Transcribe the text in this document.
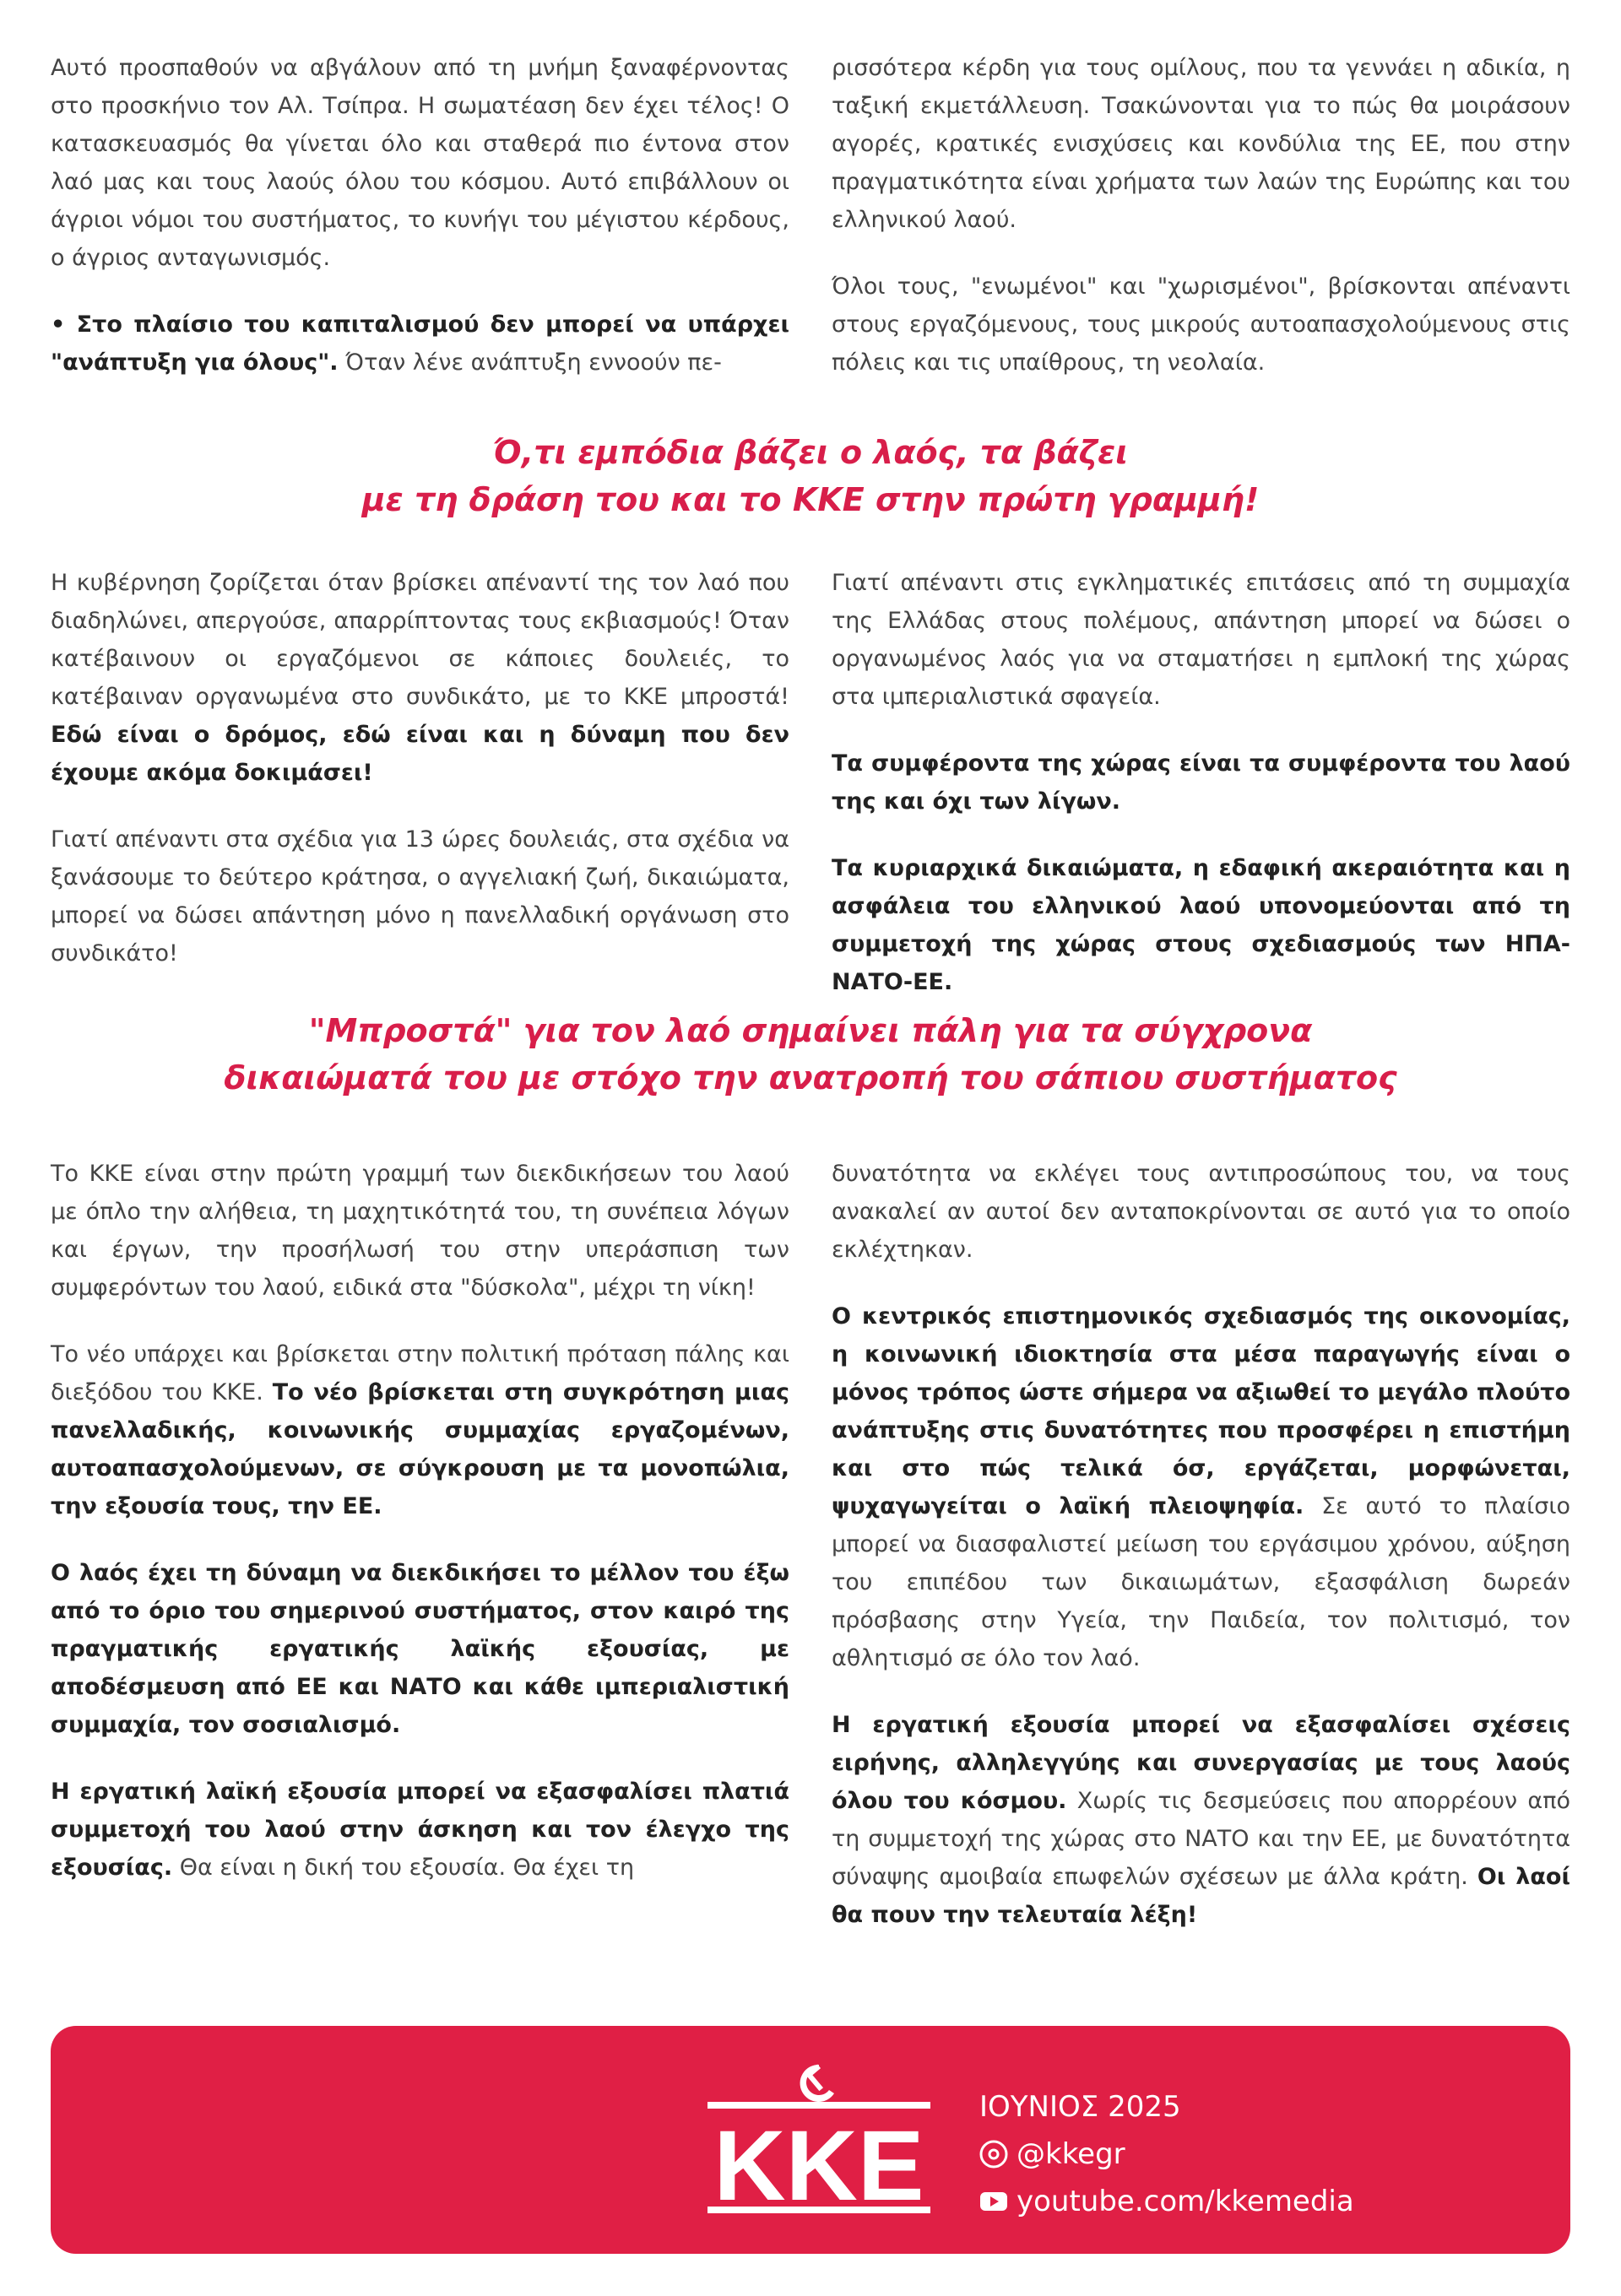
Αυτό προσπαθούν να αβγάλουν από τη μνήμη ξαναφέρνοντας στο προσκήνιο τον Αλ. Τσίπρα. Η σωματέαση δεν έχει τέλος! Ο κατασκευασμός θα γίνεται όλο και σταθερά πιο έντονα στον λαό μας και τους λαούς όλου του κόσμου. Αυτό επιβάλλουν οι άγριοι νόμοι του συστήματος, το κυνήγι του μέγιστου κέρδους, ο άγριος ανταγωνισμός.

• Στο πλαίσιο του καπιταλισμού δεν μπορεί να υπάρχει "ανάπτυξη για όλους". Όταν λένε ανάπτυξη εννοούν πε-

ρισσότερα κέρδη για τους ομίλους, που τα γεννάει η αδικία, η ταξική εκμετάλλευση. Τσακώνονται για το πώς θα μοιράσουν αγορές, κρατικές ενισχύσεις και κονδύλια της ΕΕ, που στην πραγματικότητα είναι χρήματα των λαών της Ευρώπης και του ελληνικού λαού.

Όλοι τους, "ενωμένοι" και "χωρισμένοι", βρίσκονται απέναντι στους εργαζόμενους, τους μικρούς αυτοαπασχολούμενους στις πόλεις και τις υπαίθρους, τη νεολαία.

Ό,τι εμπόδια βάζει ο λαός, τα βάζει
με τη δράση του και το ΚΚΕ στην πρώτη γραμμή!

Η κυβέρνηση ζορίζεται όταν βρίσκει απέναντί της τον λαό που διαδηλώνει, απεργούσε, απαρρίπτοντας τους εκβιασμούς! Όταν κατέβαινουν οι εργαζόμενοι σε κάποιες δουλειές, το κατέβαιναν οργανωμένα στο συνδικάτο, με το ΚΚΕ μπροστά! Εδώ είναι ο δρόμος, εδώ είναι και η δύναμη που δεν έχουμε ακόμα δοκιμάσει!

Γιατί απέναντι στα σχέδια για 13 ώρες δουλειάς, στα σχέδια να ξανάσουμε το δεύτερο κράτησα, ο αγγελιακή ζωή, δικαιώματα, μπορεί να δώσει απάντηση μόνο η πανελλαδική οργάνωση στο συνδικάτο!

Γιατί απέναντι στις εγκληματικές επιτάσεις από τη συμμαχία της Ελλάδας στους πολέμους, απάντηση μπορεί να δώσει ο οργανωμένος λαός για να σταματήσει η εμπλοκή της χώρας στα ιμπεριαλιστικά σφαγεία.

Τα συμφέροντα της χώρας είναι τα συμφέροντα του λαού της και όχι των λίγων.

Τα κυριαρχικά δικαιώματα, η εδαφική ακεραιότητα και η ασφάλεια του ελληνικού λαού υπονομεύονται από τη συμμετοχή της χώρας στους σχεδιασμούς των ΗΠΑ-ΝΑΤΟ-ΕΕ.

"Μπροστά" για τον λαό σημαίνει πάλη για τα σύγχρονα
δικαιώματά του με στόχο την ανατροπή του σάπιου συστήματος

Το ΚΚΕ είναι στην πρώτη γραμμή των διεκδικήσεων του λαού με όπλο την αλήθεια, τη μαχητικότητά του, τη συνέπεια λόγων και έργων, την προσήλωσή του στην υπεράσπιση των συμφερόντων του λαού, ειδικά στα "δύσκολα", μέχρι τη νίκη!

Το νέο υπάρχει και βρίσκεται στην πολιτική πρόταση πάλης και διεξόδου του ΚΚΕ. Το νέο βρίσκεται στη συγκρότηση μιας πανελλαδικής, κοινωνικής συμμαχίας εργαζομένων, αυτοαπασχολούμενων, σε σύγκρουση με τα μονοπώλια, την εξουσία τους, την ΕΕ.

Ο λαός έχει τη δύναμη να διεκδικήσει το μέλλον του έξω από το όριο του σημερινού συστήματος, στον καιρό της πραγματικής εργατικής λαϊκής εξουσίας, με αποδέσμευση από ΕΕ και ΝΑΤΟ και κάθε ιμπεριαλιστική συμμαχία, τον σοσιαλισμό.

Η εργατική λαϊκή εξουσία μπορεί να εξασφαλίσει πλατιά συμμετοχή του λαού στην άσκηση και τον έλεγχο της εξουσίας. Θα είναι η δική του εξουσία. Θα έχει τη

δυνατότητα να εκλέγει τους αντιπροσώπους του, να τους ανακαλεί αν αυτοί δεν ανταποκρίνονται σε αυτό για το οποίο εκλέχτηκαν.

Ο κεντρικός επιστημονικός σχεδιασμός της οικονομίας, η κοινωνική ιδιοκτησία στα μέσα παραγωγής είναι ο μόνος τρόπος ώστε σήμερα να αξιωθεί το μεγάλο πλούτο ανάπτυξης στις δυνατότητες που προσφέρει η επιστήμη και στο πώς τελικά όσ, εργάζεται, μορφώνεται, ψυχαγωγείται ο λαϊκή πλειοψηφία. Σε αυτό το πλαίσιο μπορεί να διασφαλιστεί μείωση του εργάσιμου χρόνου, αύξηση του επιπέδου των δικαιωμάτων, εξασφάλιση δωρεάν πρόσβασης στην Υγεία, την Παιδεία, τον πολιτισμό, τον αθλητισμό σε όλο τον λαό.

Η εργατική εξουσία μπορεί να εξασφαλίσει σχέσεις ειρήνης, αλληλεγγύης και συνεργασίας με τους λαούς όλου του κόσμου. Χωρίς τις δεσμεύσεις που απορρέουν από τη συμμετοχή της χώρας στο ΝΑΤΟ και την ΕΕ, με δυνατότητα σύναψης αμοιβαία επωφελών σχέσεων με άλλα κράτη. Οι λαοί θα πουν την τελευταία λέξη!

ΚΚΕ
ΙΟΥΝΙΟΣ 2025
@kkegr
youtube.com/kkemedia
